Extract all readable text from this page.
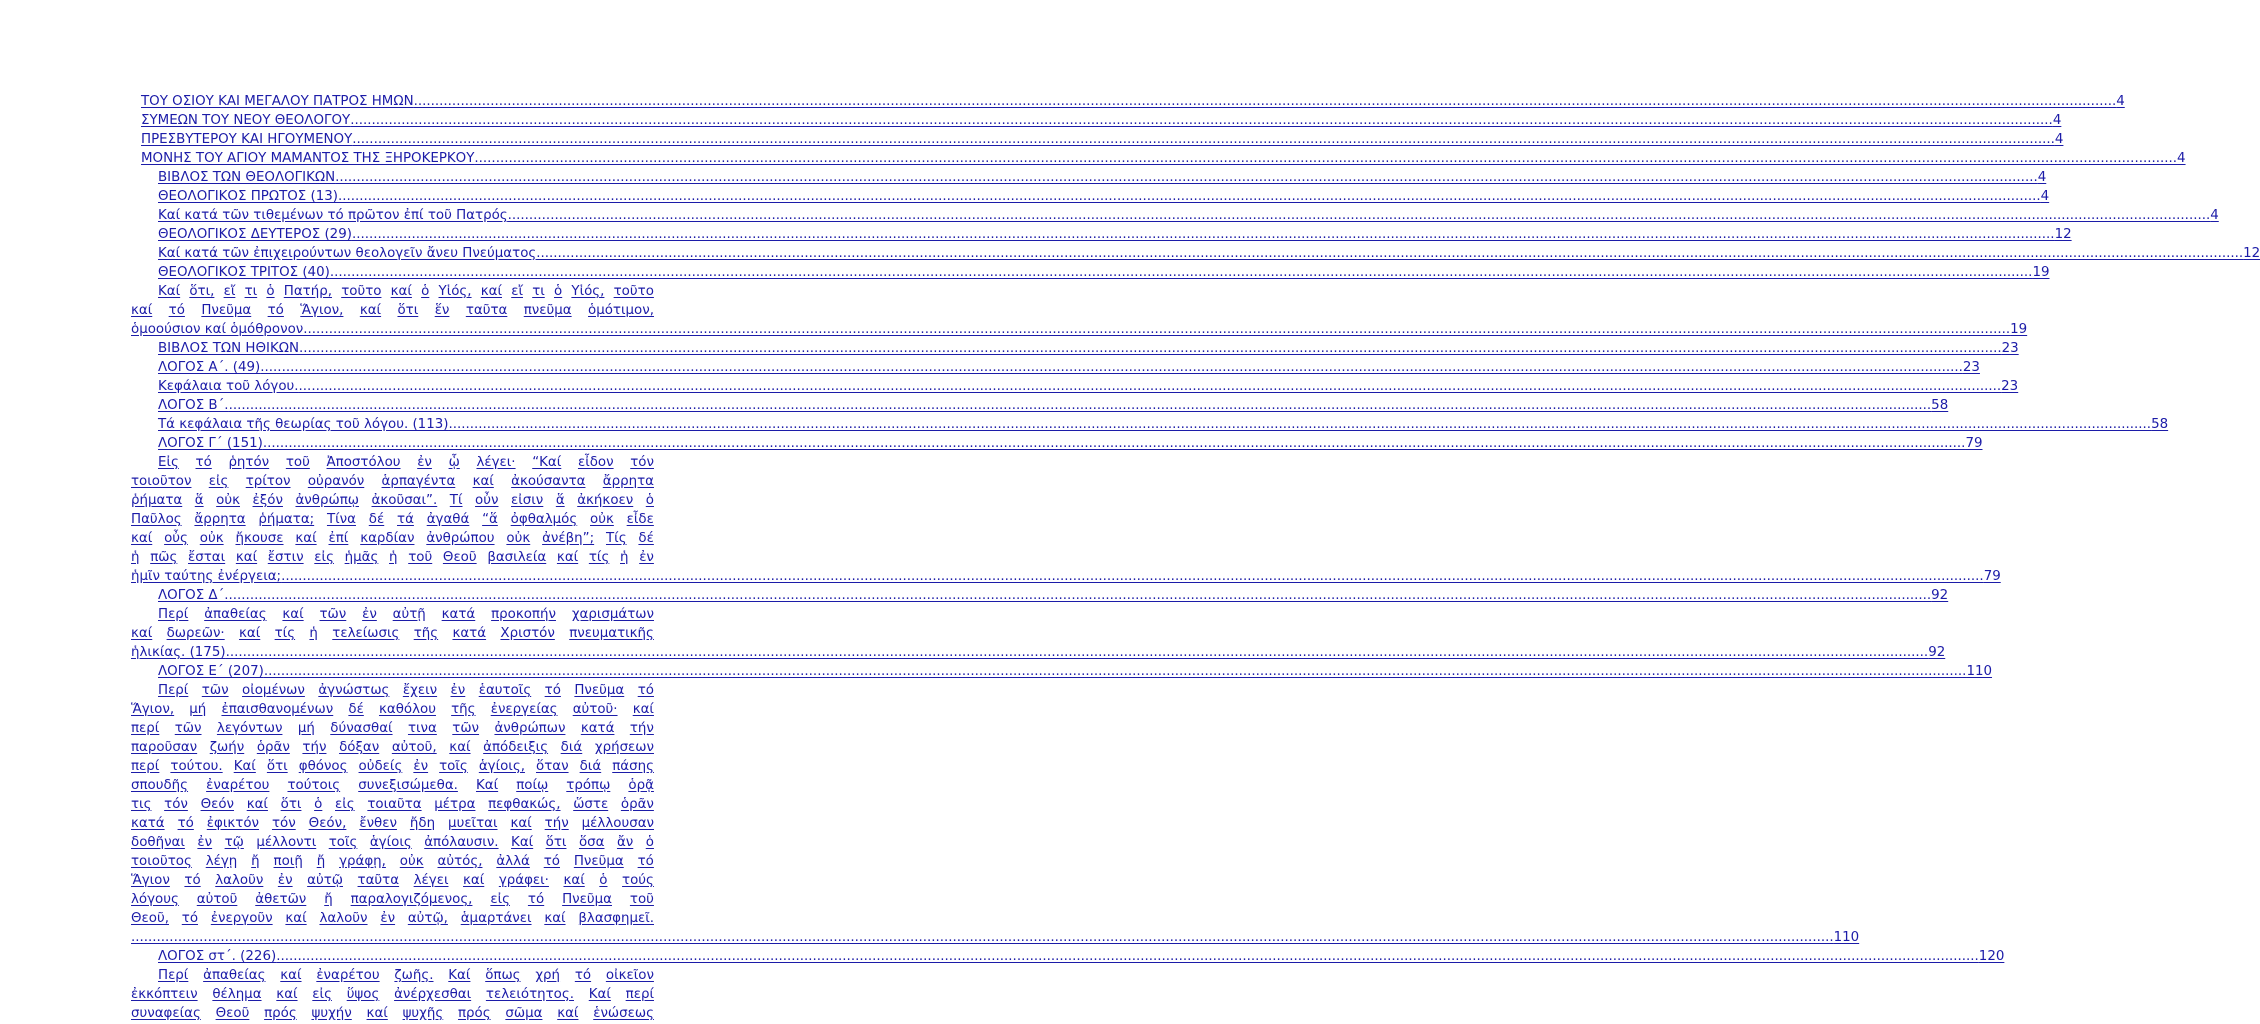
ΤΟΥ ΟΣΙΟΥ ΚΑΙ ΜΕΓΑΛΟΥ ΠΑΤΡΟΣ ΗΜΩΝ ................................................................................................................................................................................................................................................................................................................................................................................................................ 4
ΣΥΜΕΩΝ ΤΟΥ ΝΕΟΥ ΘΕΟΛΟΓΟΥ ................................................................................................................................................................................................................................................................................................................................................................................................................ 4
ΠΡΕΣΒΥΤΕΡΟΥ ΚΑΙ ΗΓΟΥΜΕΝΟΥ ................................................................................................................................................................................................................................................................................................................................................................................................................ 4
ΜΟΝΗΣ ΤΟΥ ΑΓΙΟΥ ΜΑΜΑΝΤΟΣ ΤΗΣ ΞΗΡΟΚΕΡΚΟΥ ................................................................................................................................................................................................................................................................................................................................................................................................................ 4
ΒΙΒΛΟΣ ΤΩΝ ΘΕΟΛΟΓΙΚΩΝ ................................................................................................................................................................................................................................................................................................................................................................................................................ 4
ΘΕΟΛΟΓΙΚΟΣ ΠΡΩΤΟΣ (13) ................................................................................................................................................................................................................................................................................................................................................................................................................ 4
Καί κατά τῶν τιθεμένων τό πρῶτον ἐπί τοῦ Πατρός ................................................................................................................................................................................................................................................................................................................................................................................................................ 4
ΘΕΟΛΟΓΙΚΟΣ ΔΕΥΤΕΡΟΣ (29) ................................................................................................................................................................................................................................................................................................................................................................................................................ 12
Καί κατά τῶν ἐπιχειρούντων θεολογεῖν ἄνευ Πνεύματος. ................................................................................................................................................................................................................................................................................................................................................................................................................ 12
ΘΕΟΛΟΓΙΚΟΣ ΤΡΙΤΟΣ (40) ................................................................................................................................................................................................................................................................................................................................................................................................................ 19
Καί ὅτι, εἴ τι ὁ Πατήρ, τοῦτο καί ὁ Υἱός, καί εἴ τι ὁ Υἱός, τοῦτο
καί τό Πνεῦμα τό Ἅγιον, καί ὅτι ἕν ταῦτα πνεῦμα ὁμότιμον,
ὁμοούσιον καί ὁμόθρονον. ................................................................................................................................................................................................................................................................................................................................................................................................................ 19
ΒΙΒΛΟΣ ΤΩΝ ΗΘΙΚΩΝ ................................................................................................................................................................................................................................................................................................................................................................................................................ 23
ΛΟΓΟΣ Α΄. (49) ................................................................................................................................................................................................................................................................................................................................................................................................................ 23
Κεφάλαια τοῦ λόγου. ................................................................................................................................................................................................................................................................................................................................................................................................................ 23
ΛΟΓΟΣ Β΄. ................................................................................................................................................................................................................................................................................................................................................................................................................ 58
Τά κεφάλαια τῆς θεωρίας τοῦ λόγου. (113) ................................................................................................................................................................................................................................................................................................................................................................................................................ 58
ΛΟΓΟΣ Γ΄ (151) ................................................................................................................................................................................................................................................................................................................................................................................................................ 79
Εἰς τό ῥητόν τοῦ Ἀποστόλου ἐν ᾧ λέγει· “Καί εἶδον τόν
τοιοῦτον εἰς τρίτον οὐρανόν ἁρπαγέντα καί ἀκούσαντα ἄρρητα
ῥήματα ἅ οὐκ ἐξόν ἀνθρώπῳ ἀκοῦσαι”. Τί οὖν εἰσιν ἅ ἀκήκοεν ὁ
Παῦλος ἄρρητα ῥήματα; Τίνα δέ τά ἀγαθά “ἅ ὀφθαλμός οὐκ εἶδε
καί οὖς οὐκ ἤκουσε καί ἐπί καρδίαν ἀνθρώπου οὐκ ἀνέβη”; Τίς δέ
ἡ πῶς ἔσται καί ἔστιν εἰς ἡμᾶς ἡ τοῦ Θεοῦ βασιλεία καί τίς ἡ ἐν
ἡμῖν ταύτης ἐνέργεια; ................................................................................................................................................................................................................................................................................................................................................................................................................ 79
ΛΟΓΟΣ Δ΄. ................................................................................................................................................................................................................................................................................................................................................................................................................ 92
Περί ἀπαθείας καί τῶν ἐν αὐτῇ κατά προκοπήν χαρισμάτων
καί δωρεῶν· καί τίς ἡ τελείωσις τῆς κατά Χριστόν πνευματικῆς
ἡλικίας. (175) ................................................................................................................................................................................................................................................................................................................................................................................................................ 92
ΛΟΓΟΣ Ε΄ (207) ................................................................................................................................................................................................................................................................................................................................................................................................................ 110
Περί τῶν οἰομένων ἀγνώστως ἔχειν ἐν ἑαυτοῖς τό Πνεῦμα τό
Ἅγιον, μή ἐπαισθανομένων δέ καθόλου τῆς ἐνεργείας αὐτοῦ· καί
περί τῶν λεγόντων μή δύνασθαί τινα τῶν ἀνθρώπων κατά τήν
παροῦσαν ζωήν ὁρᾶν τήν δόξαν αὐτοῦ, καί ἀπόδειξις διά χρήσεων
περί τούτου. Καί ὅτι φθόνος οὐδείς ἐν τοῖς ἁγίοις, ὅταν διά πάσης
σπουδῆς ἐναρέτου τούτοις συνεξισώμεθα. Καί ποίῳ τρόπῳ ὁρᾷ
τις τόν Θεόν καί ὅτι ὁ εἰς τοιαῦτα μέτρα πεφθακώς, ὥστε ὁρᾶν
κατά τό ἐφικτόν τόν Θεόν, ἔνθεν ἤδη μυεῖται καί τήν μέλλουσαν
δοθῆναι ἐν τῷ μέλλοντι τοῖς ἁγίοις ἀπόλαυσιν. Καί ὅτι ὅσα ἄν ὁ
τοιοῦτος λέγῃ ἤ ποιῇ ἤ γράφῃ, οὐκ αὐτός, ἀλλά τό Πνεῦμα τό
Ἅγιον τό λαλοῦν ἐν αὐτῷ ταῦτα λέγει καί γράφει· καί ὁ τούς
λόγους αὐτοῦ ἀθετῶν ἤ παραλογιζόμενος, εἰς τό Πνεῦμα τοῦ
Θεοῦ, τό ἐνεργοῦν καί λαλοῦν ἐν αὐτῷ, ἁμαρτάνει καί βλασφημεῖ.
................................................................................................................................................................................................................................................................................................................................................................................................................ 110
ΛΟΓΟΣ στ΄. (226) ................................................................................................................................................................................................................................................................................................................................................................................................................ 120
Περί ἀπαθείας καί ἐναρέτου ζωῆς. Καί ὅπως χρή τό οἰκεῖον
ἐκκόπτειν θέλημα καί εἰς ὕψος ἀνέρχεσθαι τελειότητος. Καί περί
συναφείας Θεοῦ πρός ψυχήν καί ψυχῆς πρός σῶμα καί ἑνώσεως
